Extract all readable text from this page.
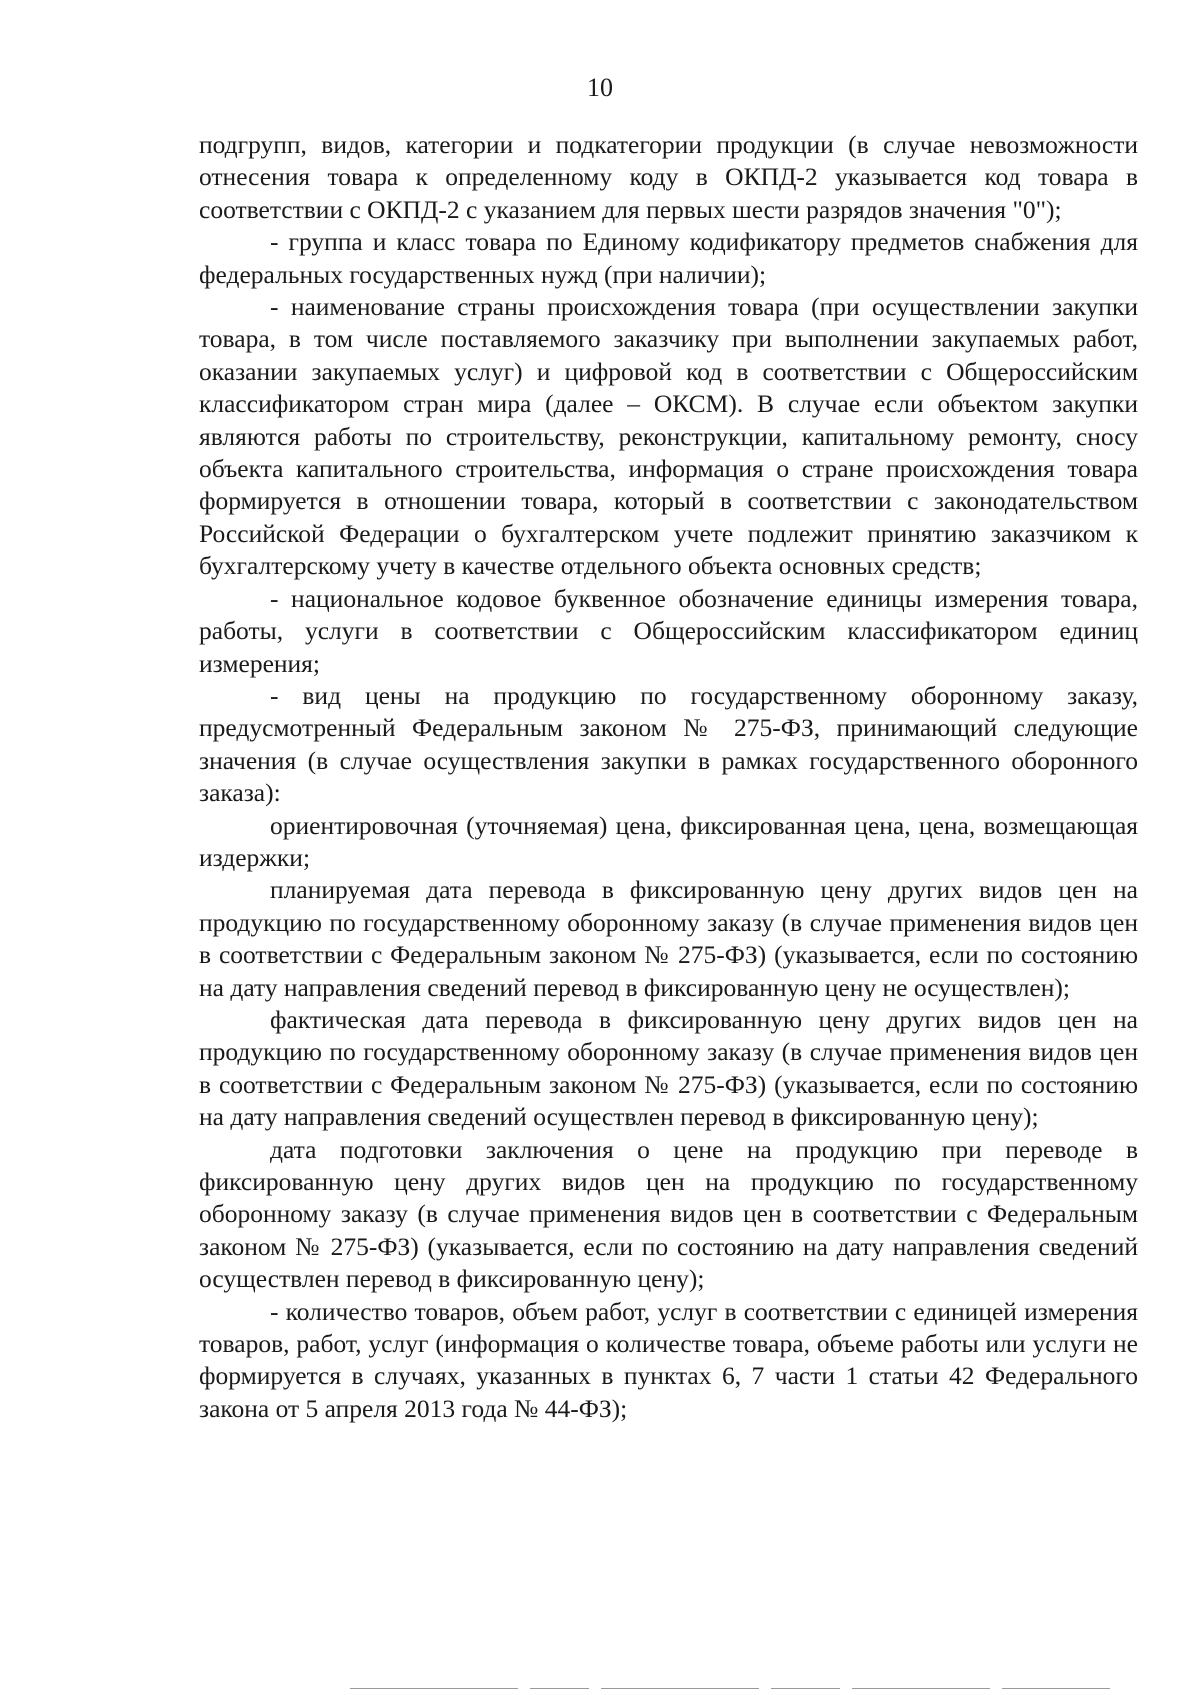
10

подгрупп, видов, категории и подкатегории продукции (в случае невозможности отнесения товара к определенному коду в ОКПД-2 указывается код товара в соответствии с ОКПД-2 с указанием для первых шести разрядов значения "0");

- группа и класс товара по Единому кодификатору предметов снабжения для федеральных государственных нужд (при наличии);

- наименование страны происхождения товара (при осуществлении закупки товара, в том числе поставляемого заказчику при выполнении закупаемых работ, оказании закупаемых услуг) и цифровой код в соответствии с Общероссийским классификатором стран мира (далее – ОКСМ). В случае если объектом закупки являются работы по строительству, реконструкции, капитальному ремонту, сносу объекта капитального строительства, информация о стране происхождения товара формируется в отношении товара, который в соответствии с законодательством Российской Федерации о бухгалтерском учете подлежит принятию заказчиком к бухгалтерскому учету в качестве отдельного объекта основных средств;

- национальное кодовое буквенное обозначение единицы измерения товара, работы, услуги в соответствии с Общероссийским классификатором единиц измерения;

- вид цены на продукцию по государственному оборонному заказу, предусмотренный Федеральным законом № 275-ФЗ, принимающий следующие значения (в случае осуществления закупки в рамках государственного оборонного заказа):

ориентировочная (уточняемая) цена, фиксированная цена, цена, возмещающая издержки;

планируемая дата перевода в фиксированную цену других видов цен на продукцию по государственному оборонному заказу (в случае применения видов цен в соответствии с Федеральным законом № 275-ФЗ) (указывается, если по состоянию на дату направления сведений перевод в фиксированную цену не осуществлен);

фактическая дата перевода в фиксированную цену других видов цен на продукцию по государственному оборонному заказу (в случае применения видов цен в соответствии с Федеральным законом № 275-ФЗ) (указывается, если по состоянию на дату направления сведений осуществлен перевод в фиксированную цену);

дата подготовки заключения о цене на продукцию при переводе в фиксированную цену других видов цен на продукцию по государственному оборонному заказу (в случае применения видов цен в соответствии с Федеральным законом № 275-ФЗ) (указывается, если по состоянию на дату направления сведений осуществлен перевод в фиксированную цену);

- количество товаров, объем работ, услуг в соответствии с единицей измерения товаров, работ, услуг (информация о количестве товара, объеме работы или услуги не формируется в случаях, указанных в пунктах 6, 7 части 1 статьи 42 Федерального закона от 5 апреля 2013 года № 44-ФЗ);
